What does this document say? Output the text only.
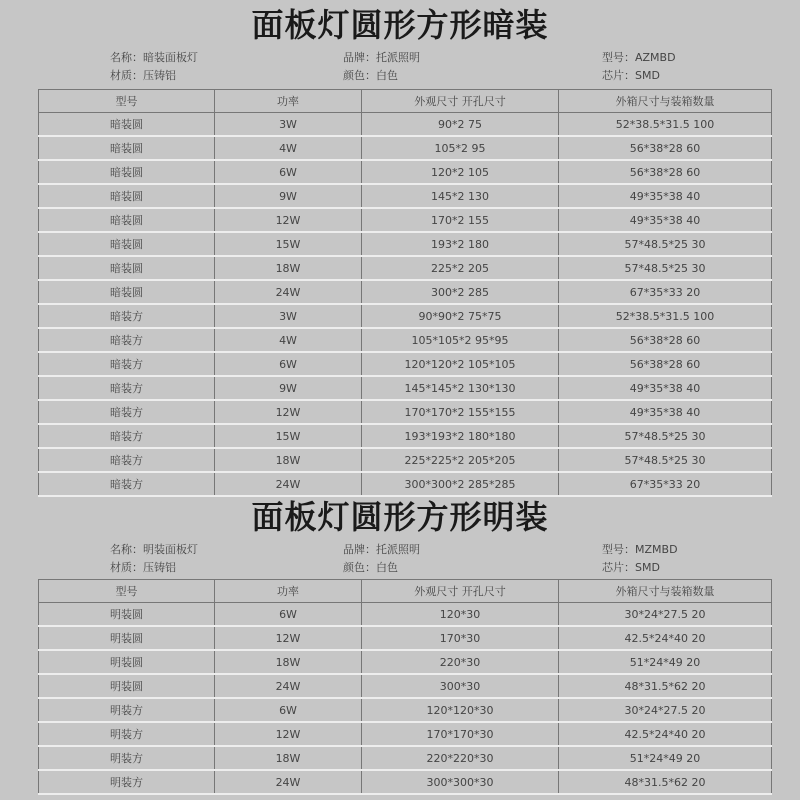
面板灯圆形方形暗装
名称：暗装面板灯	品牌：托派照明	型号：AZMBD
材质：压铸铝	颜色：白色	芯片：SMD
型号	功率	外观尺寸 开孔尺寸	外箱尺寸与装箱数量
暗装圆	3W	90*2 75	52*38.5*31.5 100
暗装圆	4W	105*2 95	56*38*28 60
暗装圆	6W	120*2 105	56*38*28 60
暗装圆	9W	145*2 130	49*35*38 40
暗装圆	12W	170*2 155	49*35*38 40
暗装圆	15W	193*2 180	57*48.5*25 30
暗装圆	18W	225*2 205	57*48.5*25 30
暗装圆	24W	300*2 285	67*35*33 20
暗装方	3W	90*90*2 75*75	52*38.5*31.5 100
暗装方	4W	105*105*2 95*95	56*38*28 60
暗装方	6W	120*120*2 105*105	56*38*28 60
暗装方	9W	145*145*2 130*130	49*35*38 40
暗装方	12W	170*170*2 155*155	49*35*38 40
暗装方	15W	193*193*2 180*180	57*48.5*25 30
暗装方	18W	225*225*2 205*205	57*48.5*25 30
暗装方	24W	300*300*2 285*285	67*35*33 20
面板灯圆形方形明装
名称：明装面板灯	品牌：托派照明	型号：MZMBD
材质：压铸铝	颜色：白色	芯片：SMD
型号	功率	外观尺寸 开孔尺寸	外箱尺寸与装箱数量
明装圆	6W	120*30	30*24*27.5 20
明装圆	12W	170*30	42.5*24*40 20
明装圆	18W	220*30	51*24*49 20
明装圆	24W	300*30	48*31.5*62 20
明装方	6W	120*120*30	30*24*27.5 20
明装方	12W	170*170*30	42.5*24*40 20
明装方	18W	220*220*30	51*24*49 20
明装方	24W	300*300*30	48*31.5*62 20
